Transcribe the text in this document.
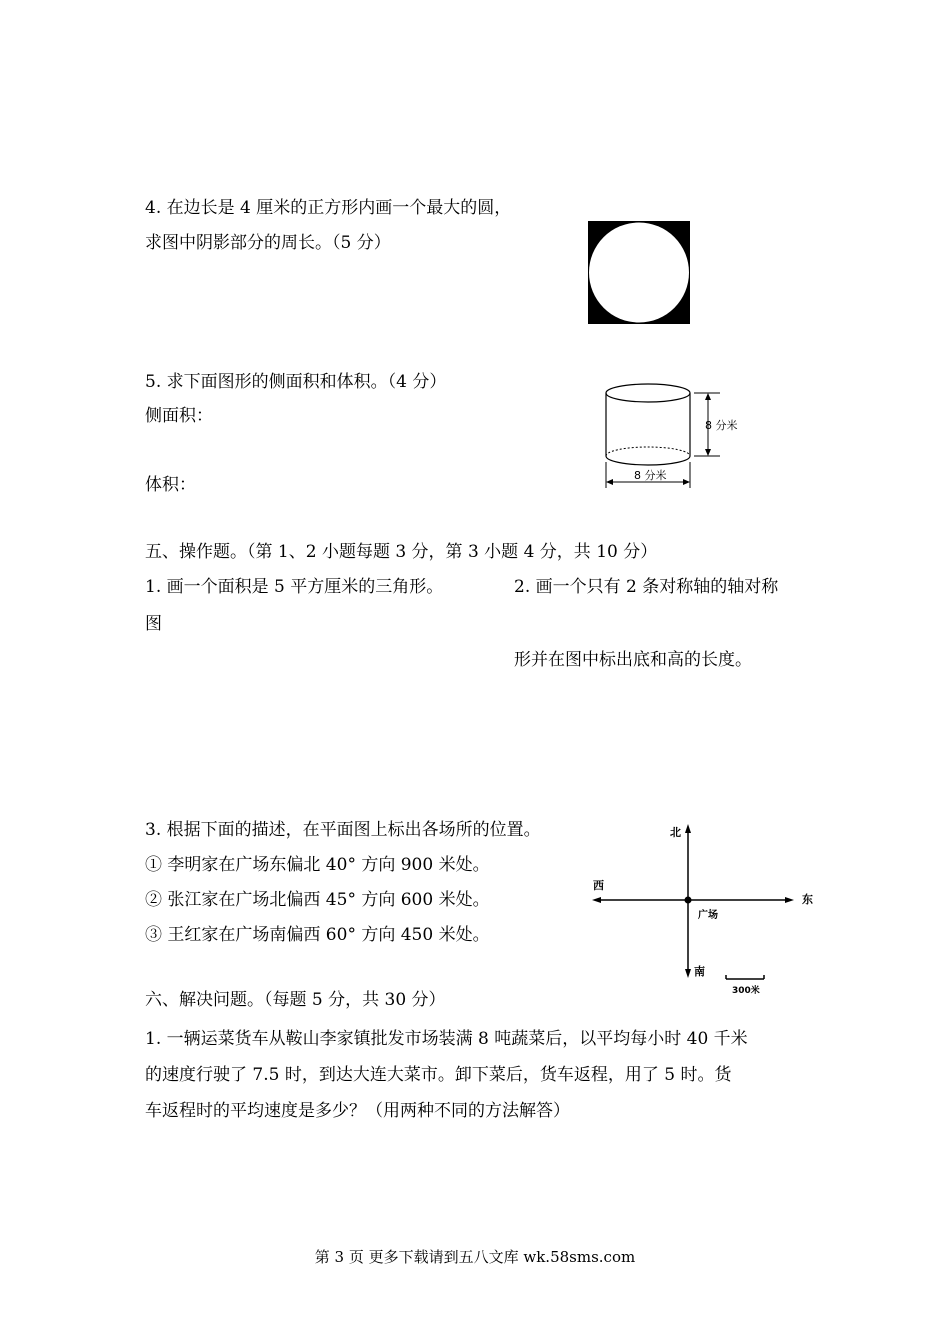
4. 在边长是 4 厘米的正方形内画一个最大的圆，
求图中阴影部分的周长。（5 分）
5. 求下面图形的侧面积和体积。（4 分）
侧面积：
体积：
8 分米
8 分米
五、操作题。（第 1、2 小题每题 3 分，第 3 小题 4 分，共 10 分）
1. 画一个面积是 5 平方厘米的三角形。	2. 画一个只有 2 条对称轴的轴对称
图
形并在图中标出底和高的长度。
3. 根据下面的描述，在平面图上标出各场所的位置。
① 李明家在广场东偏北 40° 方向 900 米处。
② 张江家在广场北偏西 45° 方向 600 米处。
③ 王红家在广场南偏西 60° 方向 450 米处。
北
南
东
西
广场
300米
六、解决问题。（每题 5 分，共 30 分）
1. 一辆运菜货车从鞍山李家镇批发市场装满 8 吨蔬菜后，以平均每小时 40 千米
的速度行驶了 7.5 时，到达大连大菜市。卸下菜后，货车返程，用了 5 时。货
车返程时的平均速度是多少？（用两种不同的方法解答）
第 3 页 更多下载请到五八文库 wk.58sms.com
